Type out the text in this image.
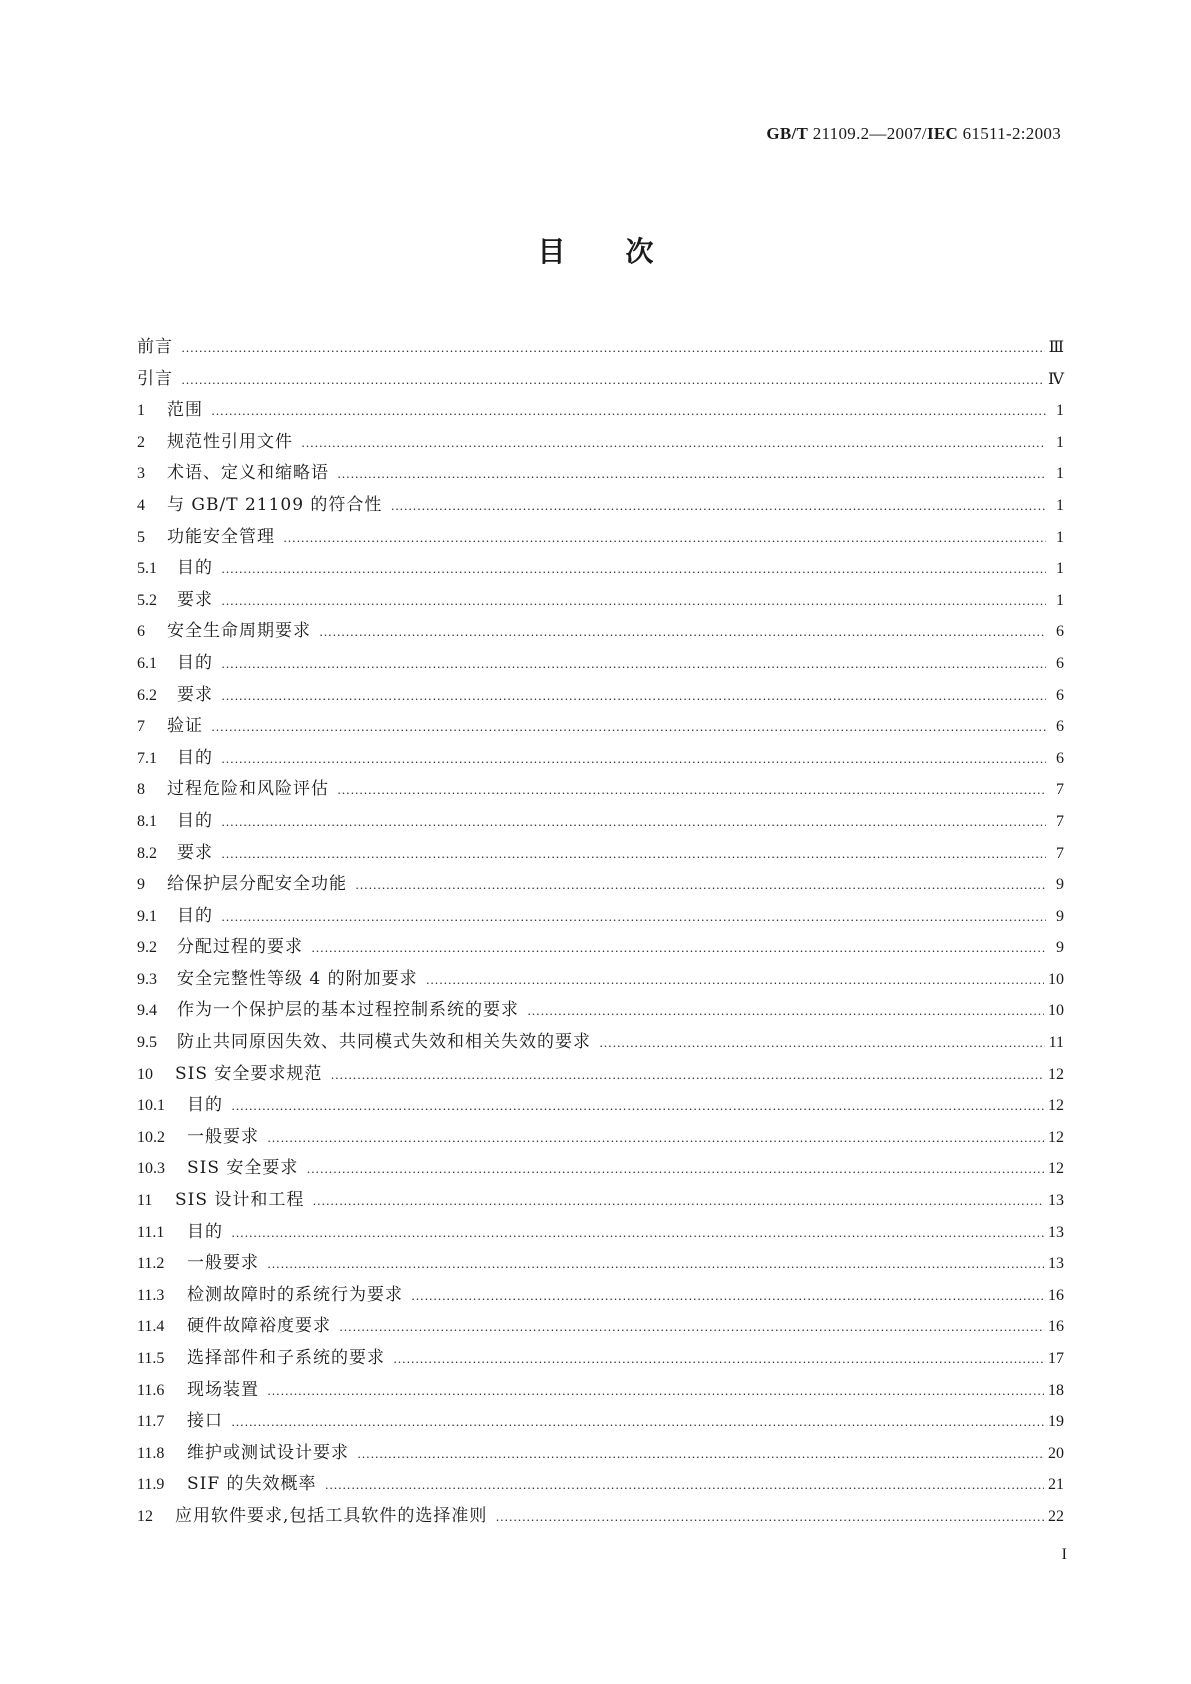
GB/T 21109.2—2007/IEC 61511-2:2003
目次
前言 ………………………………………………………………………………………………………………………………………………………………………………………………………………………………………………	Ⅲ
引言 ………………………………………………………………………………………………………………………………………………………………………………………………………………………………………………	Ⅳ
1	范围 ………………………………………………………………………………………………………………………………………………………………………………………………………………………………………………	1
2	规范性引用文件 ………………………………………………………………………………………………………………………………………………………………………………………………………………………………………………	1
3	术语、定义和缩略语 ………………………………………………………………………………………………………………………………………………………………………………………………………………………………………………	1
4	与 GB/T 21109 的符合性 ………………………………………………………………………………………………………………………………………………………………………………………………………………………………………………	1
5	功能安全管理 ………………………………………………………………………………………………………………………………………………………………………………………………………………………………………………	1
5.1	目的 ………………………………………………………………………………………………………………………………………………………………………………………………………………………………………………	1
5.2	要求 ………………………………………………………………………………………………………………………………………………………………………………………………………………………………………………	1
6	安全生命周期要求 ………………………………………………………………………………………………………………………………………………………………………………………………………………………………………………	6
6.1	目的 ………………………………………………………………………………………………………………………………………………………………………………………………………………………………………………	6
6.2	要求 ………………………………………………………………………………………………………………………………………………………………………………………………………………………………………………	6
7	验证 ………………………………………………………………………………………………………………………………………………………………………………………………………………………………………………	6
7.1	目的 ………………………………………………………………………………………………………………………………………………………………………………………………………………………………………………	6
8	过程危险和风险评估 ………………………………………………………………………………………………………………………………………………………………………………………………………………………………………………	7
8.1	目的 ………………………………………………………………………………………………………………………………………………………………………………………………………………………………………………	7
8.2	要求 ………………………………………………………………………………………………………………………………………………………………………………………………………………………………………………	7
9	给保护层分配安全功能 ………………………………………………………………………………………………………………………………………………………………………………………………………………………………………………	9
9.1	目的 ………………………………………………………………………………………………………………………………………………………………………………………………………………………………………………	9
9.2	分配过程的要求 ………………………………………………………………………………………………………………………………………………………………………………………………………………………………………………	9
9.3	安全完整性等级 4 的附加要求 ………………………………………………………………………………………………………………………………………………………………………………………………………………………………………………	10
9.4	作为一个保护层的基本过程控制系统的要求 ………………………………………………………………………………………………………………………………………………………………………………………………………………………………………………	10
9.5	防止共同原因失效、共同模式失效和相关失效的要求 ………………………………………………………………………………………………………………………………………………………………………………………………………………………………………………	11
10	SIS 安全要求规范 ………………………………………………………………………………………………………………………………………………………………………………………………………………………………………………	12
10.1	目的 ………………………………………………………………………………………………………………………………………………………………………………………………………………………………………………	12
10.2	一般要求 ………………………………………………………………………………………………………………………………………………………………………………………………………………………………………………	12
10.3	SIS 安全要求 ………………………………………………………………………………………………………………………………………………………………………………………………………………………………………………	12
11	SIS 设计和工程 ………………………………………………………………………………………………………………………………………………………………………………………………………………………………………………	13
11.1	目的 ………………………………………………………………………………………………………………………………………………………………………………………………………………………………………………	13
11.2	一般要求 ………………………………………………………………………………………………………………………………………………………………………………………………………………………………………………	13
11.3	检测故障时的系统行为要求 ………………………………………………………………………………………………………………………………………………………………………………………………………………………………………………	16
11.4	硬件故障裕度要求 ………………………………………………………………………………………………………………………………………………………………………………………………………………………………………………	16
11.5	选择部件和子系统的要求 ………………………………………………………………………………………………………………………………………………………………………………………………………………………………………………	17
11.6	现场装置 ………………………………………………………………………………………………………………………………………………………………………………………………………………………………………………	18
11.7	接口 ………………………………………………………………………………………………………………………………………………………………………………………………………………………………………………	19
11.8	维护或测试设计要求 ………………………………………………………………………………………………………………………………………………………………………………………………………………………………………………	20
11.9	SIF 的失效概率 ………………………………………………………………………………………………………………………………………………………………………………………………………………………………………………	21
12	应用软件要求,包括工具软件的选择准则 ………………………………………………………………………………………………………………………………………………………………………………………………………………………………………………	22
I
